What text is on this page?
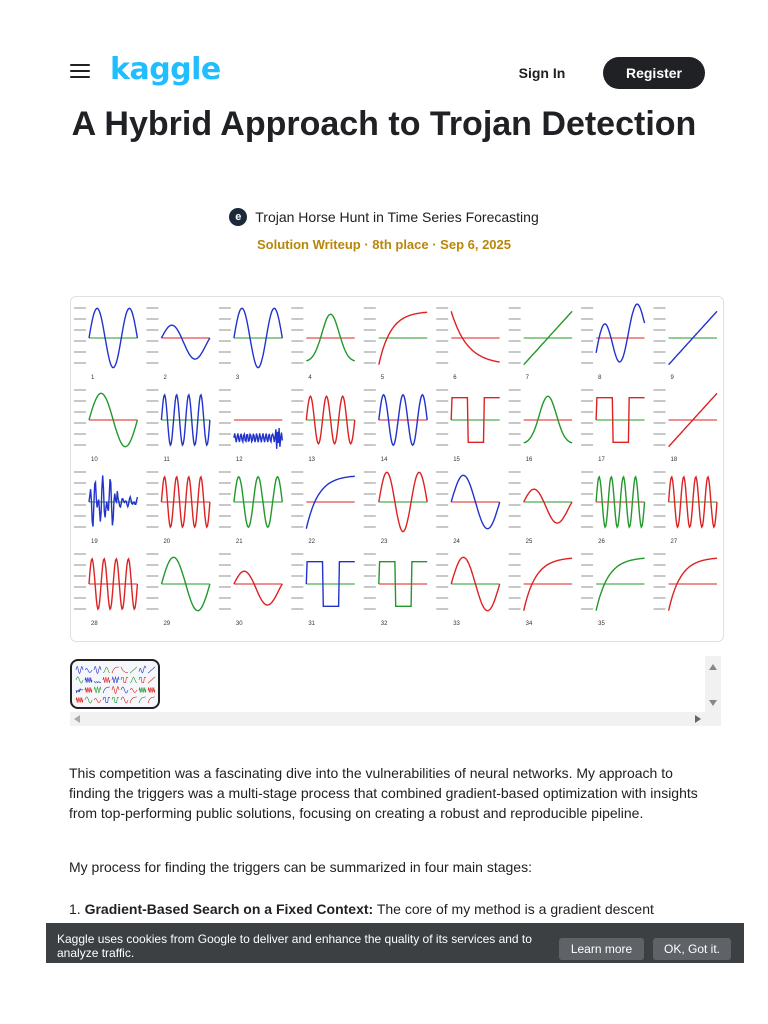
kaggle	Sign In	Register
A Hybrid Approach to Trojan Detection
e Trojan Horse Hunt in Time Series Forecasting
Solution Writeup · 8th place · Sep 6, 2025
1	2	3	4	5	6	7	8	9
10	11	12	13	14	15	16	17	18
19	20	21	22	23	24	25	26	27
28	29	30	31	32	33	34	35

This competition was a fascinating dive into the vulnerabilities of neural networks. My approach to finding the triggers was a multi-stage process that combined gradient-based optimization with insights from top-performing public solutions, focusing on creating a robust and reproducible pipeline.

My process for finding the triggers can be summarized in four main stages:

1. Gradient-Based Search on a Fixed Context: The core of my method is a gradient descent

Kaggle uses cookies from Google to deliver and enhance the quality of its services and to analyze traffic.	Learn more	OK, Got it.
